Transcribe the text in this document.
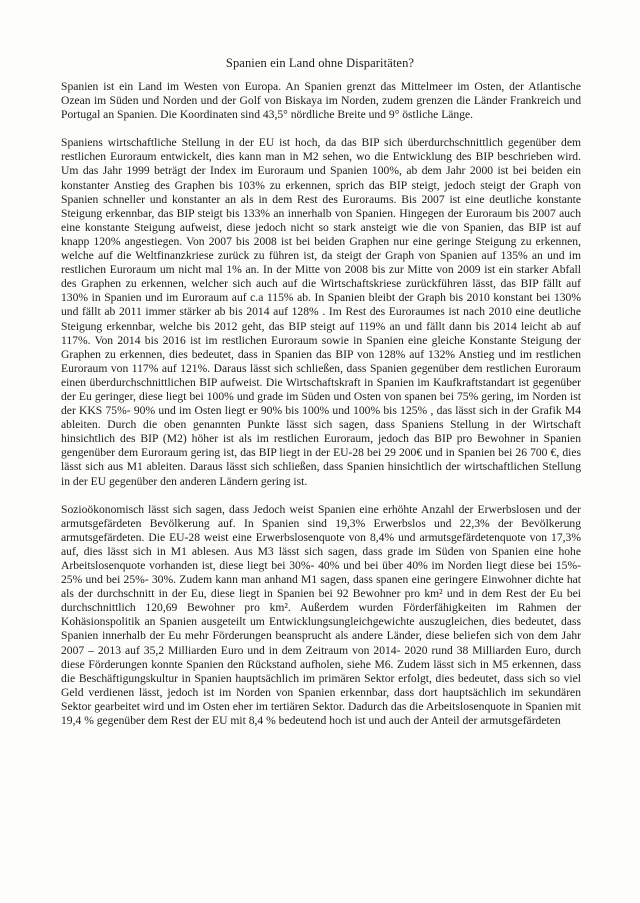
Spanien ein Land ohne Disparitäten?

Spanien ist ein Land im Westen von Europa. An Spanien grenzt das Mittelmeer im Osten, der Atlantische Ozean im Süden und Norden und der Golf von Biskaya im Norden, zudem grenzen die Länder Frankreich und Portugal an Spanien. Die Koordinaten sind 43,5° nördliche Breite und 9° östliche Länge.

Spaniens wirtschaftliche Stellung in der EU ist hoch, da das BIP sich überdurchschnittlich gegenüber dem restlichen Euroraum entwickelt, dies kann man in M2 sehen, wo die Entwicklung des BIP beschrieben wird. Um das Jahr 1999 beträgt der Index im Euroraum und Spanien 100%, ab dem Jahr 2000 ist bei beiden ein konstanter Anstieg des Graphen bis 103% zu erkennen, sprich das BIP steigt, jedoch steigt der Graph von Spanien schneller und konstanter an als in dem Rest des Euroraums. Bis 2007 ist eine deutliche konstante Steigung erkennbar, das BIP steigt bis 133% an innerhalb von Spanien. Hingegen der Euroraum bis 2007 auch eine konstante Steigung aufweist, diese jedoch nicht so stark ansteigt wie die von Spanien, das BIP ist auf knapp 120% angestiegen. Von 2007 bis 2008 ist bei beiden Graphen nur eine geringe Steigung zu erkennen, welche auf die Weltfinanzkriese zurück zu führen ist, da steigt der Graph von Spanien auf 135% an und im restlichen Euroraum um nicht mal 1% an. In der Mitte von 2008 bis zur Mitte von 2009 ist ein starker Abfall des Graphen zu erkennen, welcher sich auch auf die Wirtschaftskriese zurückführen lässt, das BIP fällt auf 130% in Spanien und im Euroraum auf c.a 115% ab. In Spanien bleibt der Graph bis 2010 konstant bei 130% und fällt ab 2011 immer stärker ab bis 2014 auf 128% . Im Rest des Euroraumes ist nach 2010 eine deutliche Steigung erkennbar, welche bis 2012 geht, das BIP steigt auf 119% an und fällt dann bis 2014 leicht ab auf 117%. Von 2014 bis 2016 ist im restlichen Euroraum sowie in Spanien eine gleiche Konstante Steigung der Graphen zu erkennen, dies bedeutet, dass in Spanien das BIP von 128% auf 132% Anstieg und im restlichen Euroraum von 117% auf 121%. Daraus lässt sich schließen, dass Spanien gegenüber dem restlichen Euroraum einen überdurchschnittlichen BIP aufweist. Die Wirtschaftskraft in Spanien im Kaufkraftstandart ist gegenüber der Eu geringer, diese liegt bei 100% und grade im Süden und Osten von spanen bei 75% gering, im Norden ist der KKS 75%- 90% und im Osten liegt er 90% bis 100% und 100% bis 125% , das lässt sich in der Grafik M4 ableiten. Durch die oben genannten Punkte lässt sich sagen, dass Spaniens Stellung in der Wirtschaft hinsichtlich des BIP (M2) höher ist als im restlichen Euroraum, jedoch das BIP pro Bewohner in Spanien gengenüber dem Euroraum gering ist, das BIP liegt in der EU-28 bei 29 200€ und in Spanien bei 26 700 €, dies lässt sich aus M1 ableiten. Daraus lässt sich schließen, dass Spanien hinsichtlich der wirtschaftlichen Stellung in der EU gegenüber den anderen Ländern gering ist.

Sozioökonomisch lässt sich sagen, dass Jedoch weist Spanien eine erhöhte Anzahl der Erwerbslosen und der armutsgefärdeten Bevölkerung auf. In Spanien sind 19,3% Erwerbslos und 22,3% der Bevölkerung armutsgefärdeten. Die EU-28 weist eine Erwerbslosenquote von 8,4% und armutsgefärdetenquote von 17,3% auf, dies lässt sich in M1 ablesen. Aus M3 lässt sich sagen, dass grade im Süden von Spanien eine hohe Arbeitslosenquote vorhanden ist, diese liegt bei 30%- 40% und bei über 40% im Norden liegt diese bei 15%- 25% und bei 25%- 30%. Zudem kann man anhand M1 sagen, dass spanen eine geringere Einwohner dichte hat als der durchschnitt in der Eu, diese liegt in Spanien bei 92 Bewohner pro km² und in dem Rest der Eu bei durchschnittlich 120,69 Bewohner pro km². Außerdem wurden Förderfähigkeiten im Rahmen der Kohäsionspolitik an Spanien ausgeteilt um Entwicklungsungleichgewichte auszugleichen, dies bedeutet, dass Spanien innerhalb der Eu mehr Förderungen beansprucht als andere Länder, diese beliefen sich von dem Jahr 2007 – 2013 auf 35,2 Milliarden Euro und in dem Zeitraum von 2014- 2020 rund 38 Milliarden Euro, durch diese Förderungen konnte Spanien den Rückstand aufholen, siehe M6. Zudem lässt sich in M5 erkennen, dass die Beschäftigungskultur in Spanien hauptsächlich im primären Sektor erfolgt, dies bedeutet, dass sich so viel Geld verdienen lässt, jedoch ist im Norden von Spanien erkennbar, dass dort hauptsächlich im sekundären Sektor gearbeitet wird und im Osten eher im tertiären Sektor. Dadurch das die Arbeitslosenquote in Spanien mit 19,4 % gegenüber dem Rest der EU mit 8,4 % bedeutend hoch ist und auch der Anteil der armutsgefärdeten
